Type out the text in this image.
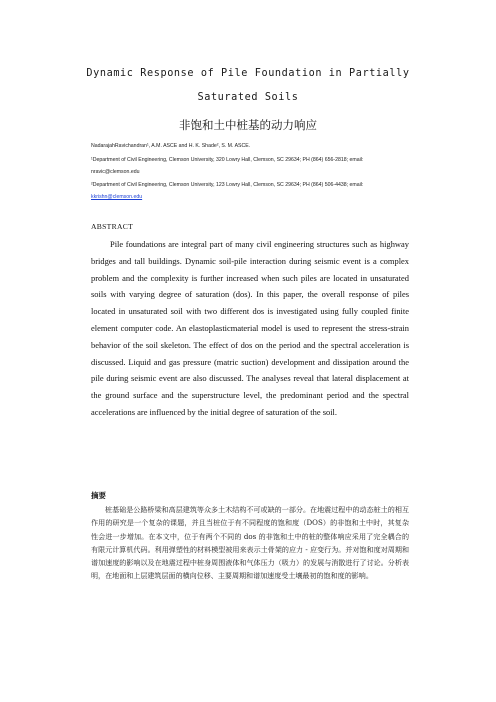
Dynamic Response of Pile Foundation in Partially Saturated Soils
非饱和土中桩基的动力响应
NadarajahRavichandran¹, A.M. ASCE and H. K. Shade², S. M. ASCE.
¹Department of Civil Engineering, Clemson University, 320 Lowry Hall, Clemson, SC 29634; PH (864) 656-2818; email: nravic@clemson.edu
²Department of Civil Engineering, Clemson University, 123 Lowry Hall, Clemson, SC 29634; PH (864) 506-4438; email: kkrishn@clemson.edu
ABSTRACT

Pile foundations are integral part of many civil engineering structures such as highway bridges and tall buildings. Dynamic soil-pile interaction during seismic event is a complex problem and the complexity is further increased when such piles are located in unsaturated soils with varying degree of saturation (dos). In this paper, the overall response of piles located in unsaturated soil with two different dos is investigated using fully coupled finite element computer code. An elastoplasticmaterial model is used to represent the stress-strain behavior of the soil skeleton. The effect of dos on the period and the spectral acceleration is discussed. Liquid and gas pressure (matric suction) development and dissipation around the pile during seismic event are also discussed. The analyses reveal that lateral displacement at the ground surface and the superstructure level, the predominant period and the spectral accelerations are influenced by the initial degree of saturation of the soil.

摘要

桩基础是公路桥梁和高层建筑等众多土木结构不可或缺的一部分。在地震过程中的动态桩土的相互作用的研究是一个复杂的课题，并且当桩位于有不同程度的饱和度（DOS）的非饱和土中时，其复杂性会进一步增加。在本文中，位于有两个不同的 dos 的非饱和土中的桩的整体响应采用了完全耦合的有限元计算机代码。利用弹塑性的材料模型被用来表示土骨架的应力 - 应变行为。并对饱和度对周期和谱加速度的影响以及在地震过程中桩身周围液体和气体压力（吸力）的发展与消散进行了讨论。分析表明，在地面和上层建筑层面的横向位移、主要周期和谱加速度受土壤最初的饱和度的影响。
